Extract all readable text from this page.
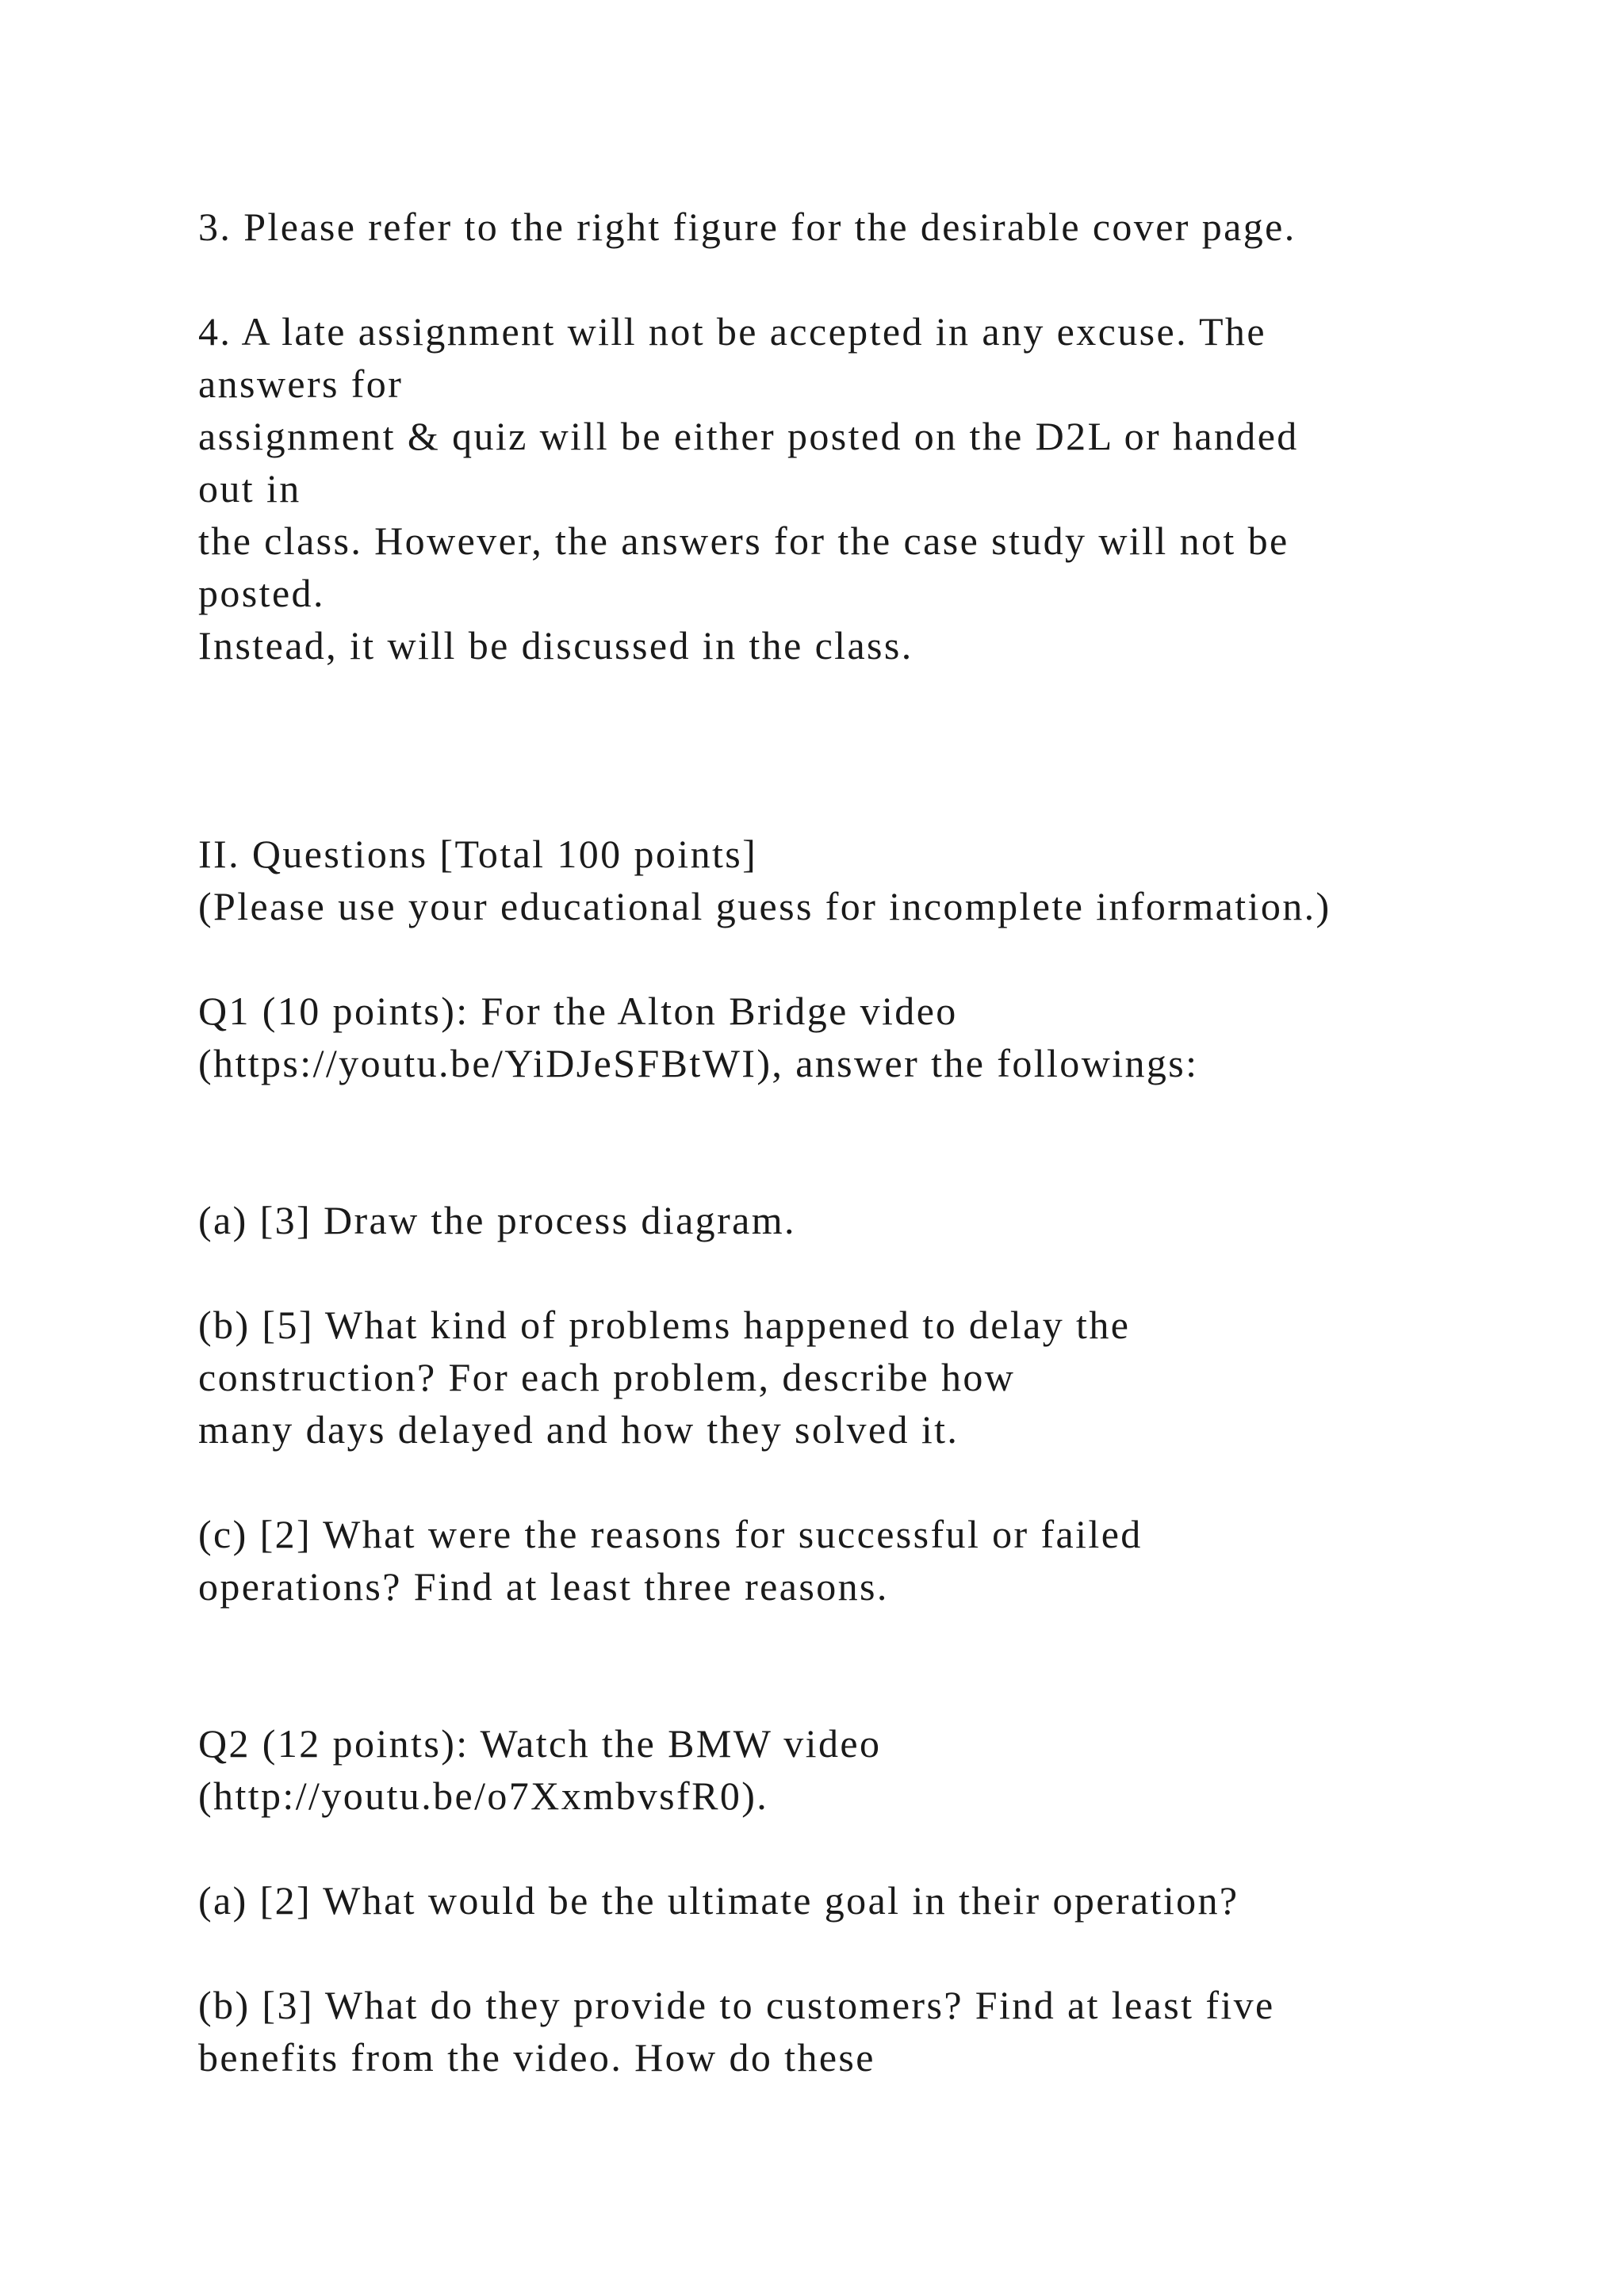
3. Please refer to the right figure for the desirable cover page.
4. A late assignment will not be accepted in any excuse. The
answers for
assignment & quiz will be either posted on the D2L or handed
out in
the class. However, the answers for the case study will not be
posted.
Instead, it will be discussed in the class.
II. Questions [Total 100 points]
(Please use your educational guess for incomplete information.)
Q1 (10 points): For the Alton Bridge video
(https://youtu.be/YiDJeSFBtWI), answer the followings:
(a) [3] Draw the process diagram.
(b) [5] What kind of problems happened to delay the
construction? For each problem, describe how
many days delayed and how they solved it.
(c) [2] What were the reasons for successful or failed
operations? Find at least three reasons.
Q2 (12 points): Watch the BMW video
(http://youtu.be/o7XxmbvsfR0).
(a) [2] What would be the ultimate goal in their operation?
(b) [3] What do they provide to customers? Find at least five
benefits from the video. How do these
